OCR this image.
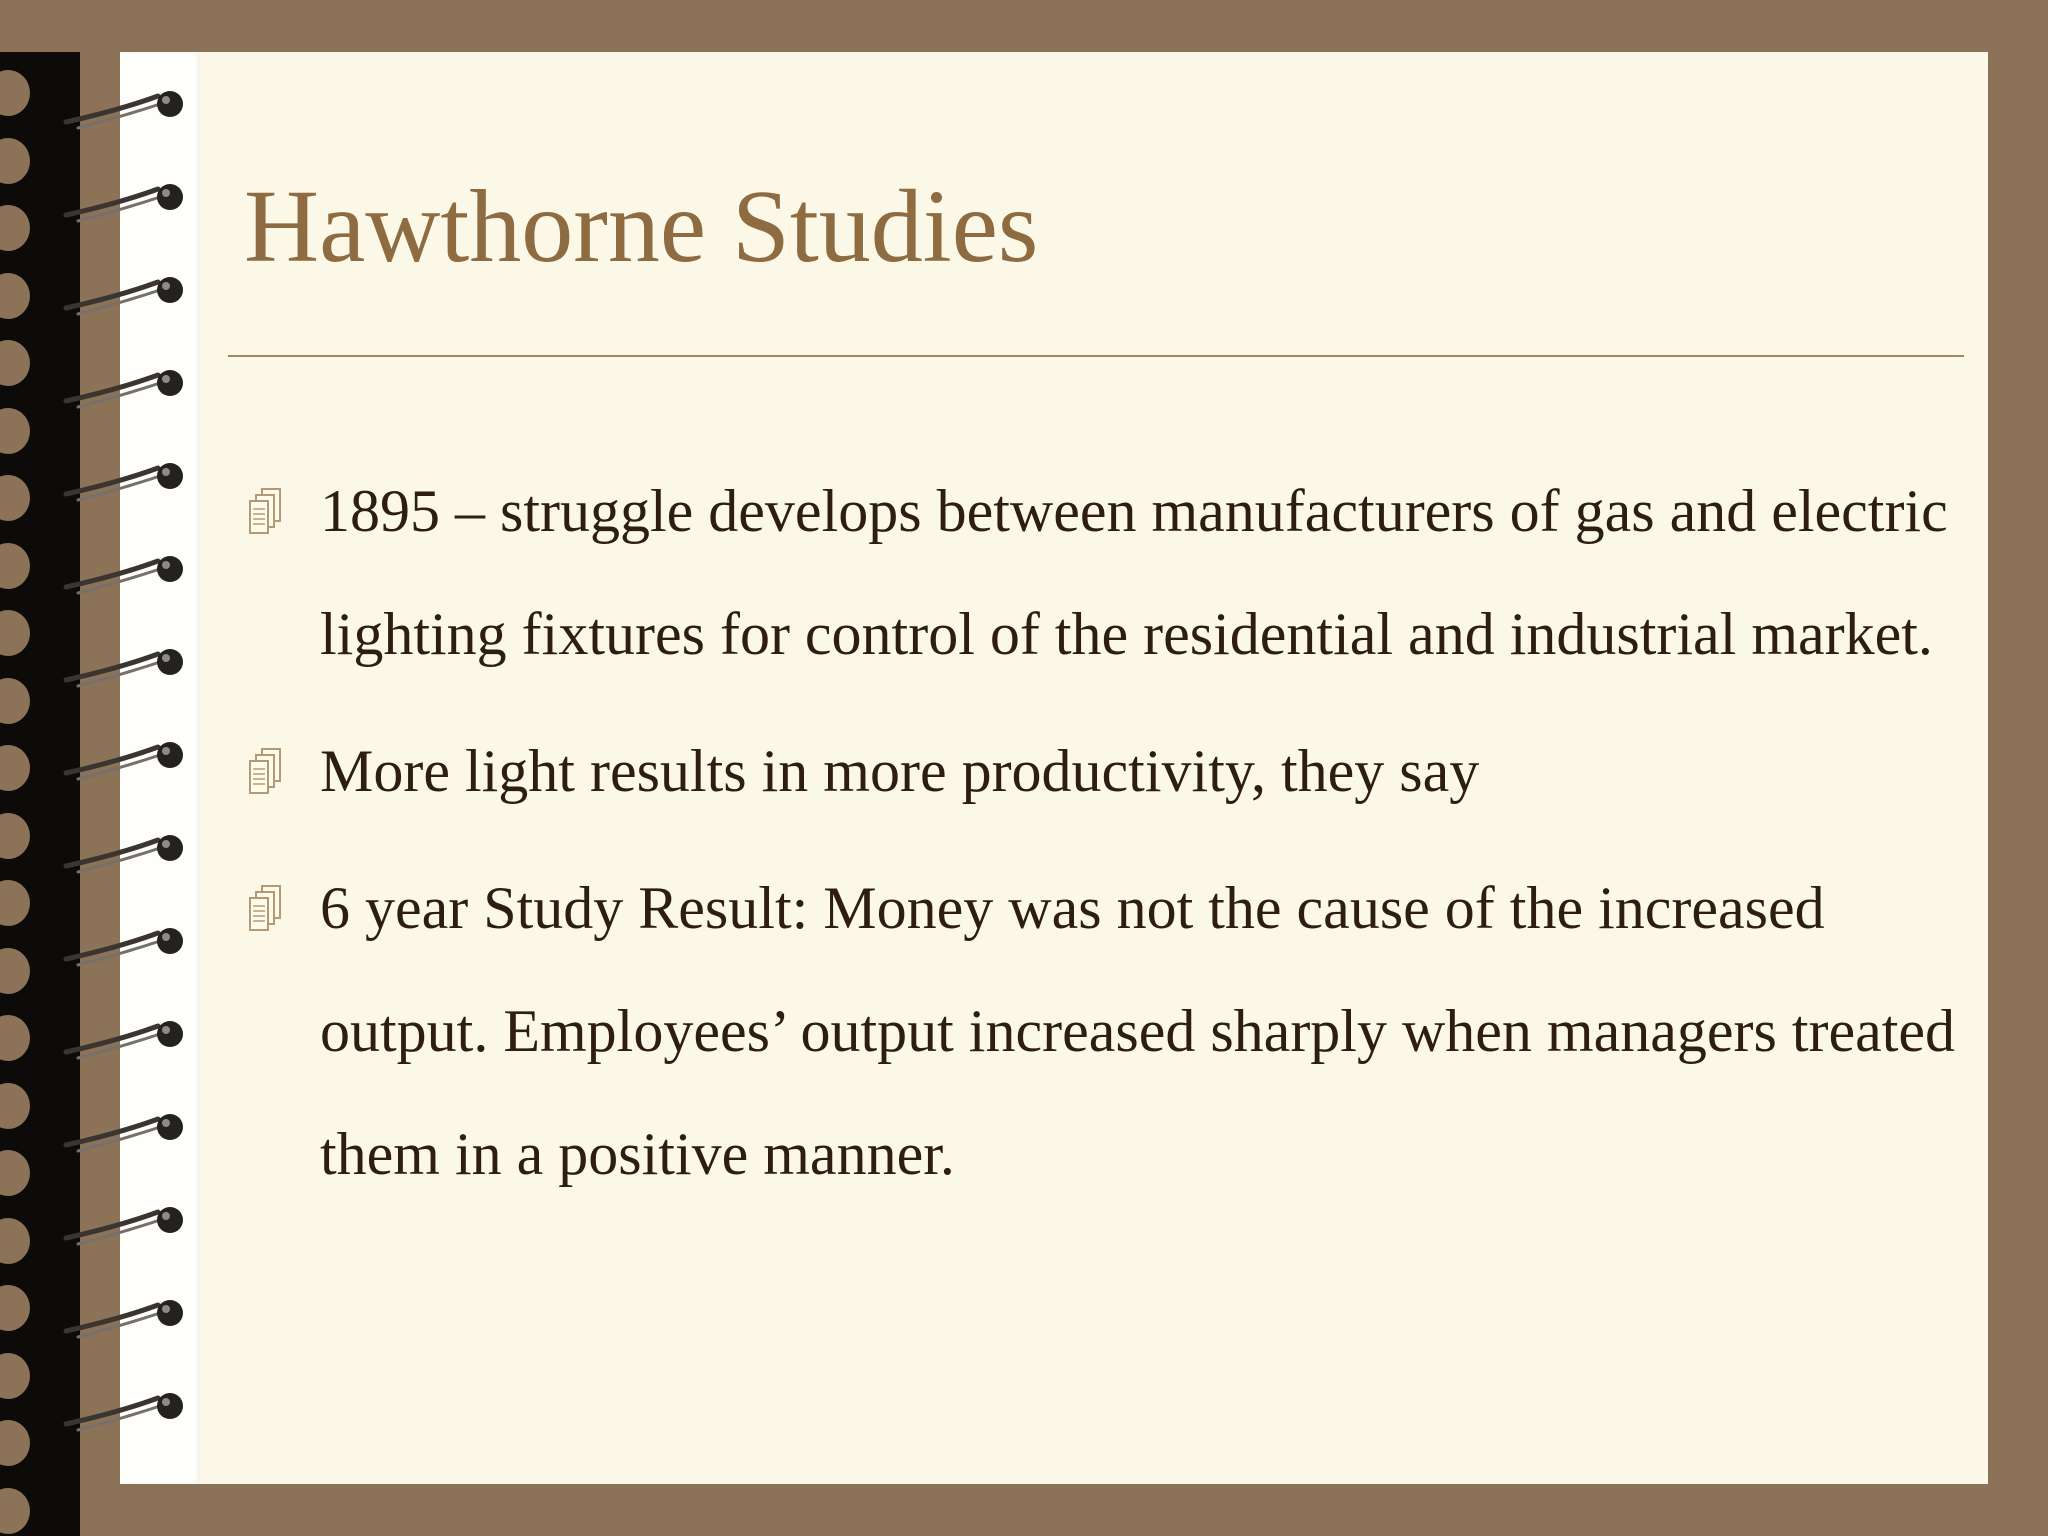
Hawthorne Studies
1895 – struggle develops between manufacturers of gas and electric lighting fixtures for control of the residential and industrial market.
More light results in more productivity, they say
6 year Study Result: Money was not the cause of the increased output. Employees’ output increased sharply when managers treated them in a positive manner.
